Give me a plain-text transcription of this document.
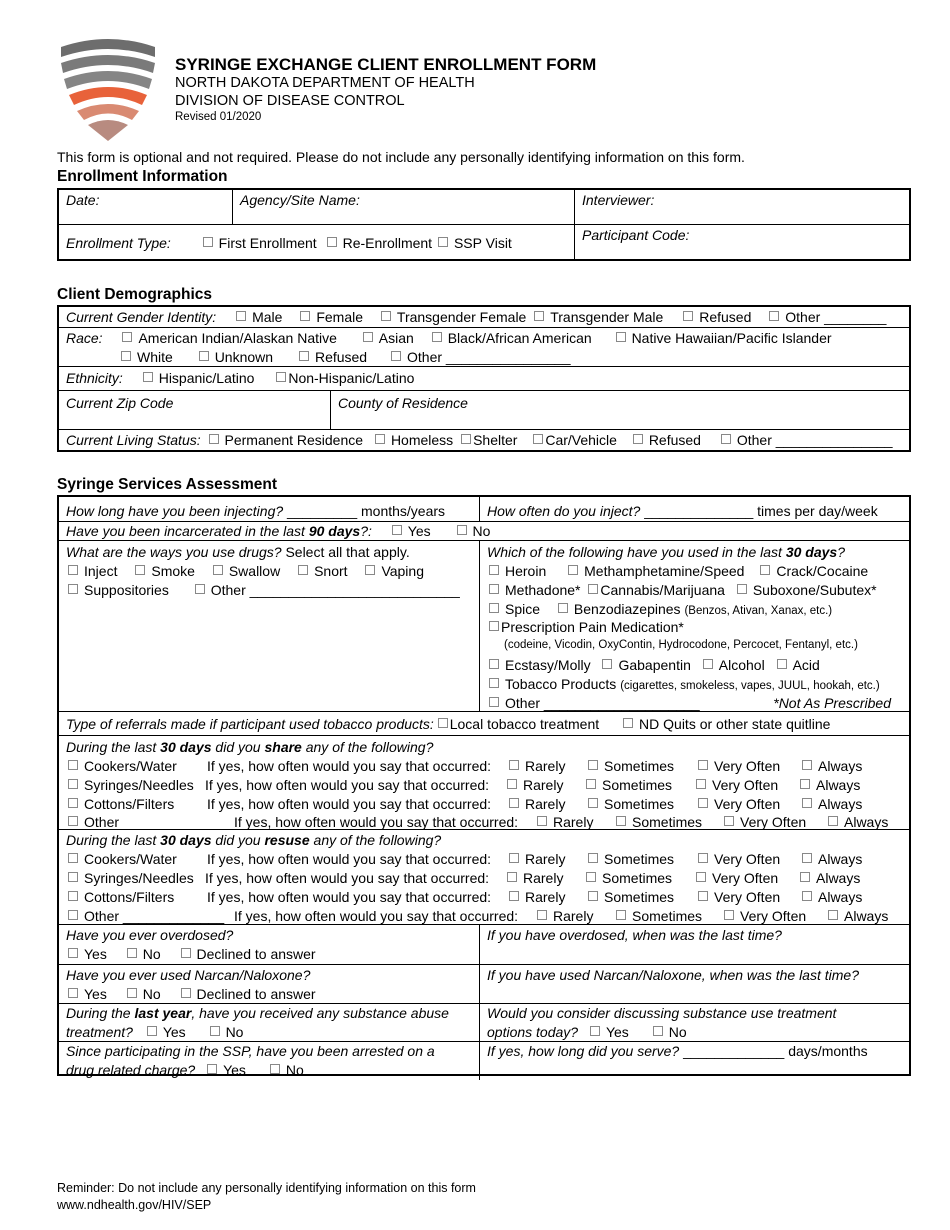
SYRINGE EXCHANGE CLIENT ENROLLMENT FORM
NORTH DAKOTA DEPARTMENT OF HEALTH
DIVISION OF DISEASE CONTROL
Revised 01/2020
This form is optional and not required. Please do not include any personally identifying information on this form.
Enrollment Information
Date:	Agency/Site Name:	Interviewer:
Enrollment Type:	First Enrollment Re-Enrollment SSP Visit	Participant Code:
Client Demographics
Current Gender Identity:	Male Female Transgender Female Transgender Male	Refused Other ________
Race:	American Indian/Alaskan Native	Asian Black/African American	Native Hawaiian/Pacific Islander
White	Unknown	Refused	Other ________________
Ethnicity:	Hispanic/Latino Non-Hispanic/Latino
Current Zip Code	County of Residence
Current Living Status: Permanent Residence Homeless Shelter Car/Vehicle Refused	Other _______________
Syringe Services Assessment
How long have you been injecting? _________ months/years	How often do you inject? ______________ times per day/week
Have you been incarcerated in the last 90 days?:	Yes	No
What are the ways you use drugs? Select all that apply.
Inject Smoke Swallow Snort Vaping
Suppositories	Other ___________________________
Which of the following have you used in the last 30 days?
Heroin	Methamphetamine/Speed Crack/Cocaine
Methadone* Cannabis/Marijuana Suboxone/Subutex*
Spice Benzodiazepines (Benzos, Ativan, Xanax, etc.)
Prescription Pain Medication*
(codeine, Vicodin, OxyContin, Hydrocodone, Percocet, Fentanyl, etc.)
Ecstasy/Molly Gabapentin Alcohol Acid
Tobacco Products (cigarettes, smokeless, vapes, JUUL, hookah, etc.)
Other ____________________	*Not As Prescribed
Type of referrals made if participant used tobacco products: Local tobacco treatment	ND Quits or other state quitline
During the last 30 days did you share any of the following?
Cookers/Water If yes, how often would you say that occurred:	Rarely	Sometimes	Very Often	Always
Syringes/Needles If yes, how often would you say that occurred:	Rarely	Sometimes	Very Often	Always
Cottons/Filters If yes, how often would you say that occurred:	Rarely	Sometimes	Very Often	Always
Other _____________ If yes, how often would you say that occurred:	Rarely	Sometimes	Very Often	Always
During the last 30 days did you resuse any of the following?
Cookers/Water If yes, how often would you say that occurred:	Rarely	Sometimes	Very Often	Always
Syringes/Needles If yes, how often would you say that occurred:	Rarely	Sometimes	Very Often	Always
Cottons/Filters If yes, how often would you say that occurred:	Rarely	Sometimes	Very Often	Always
Other _____________ If yes, how often would you say that occurred:	Rarely	Sometimes	Very Often	Always
Have you ever overdosed?
Yes	No	Declined to answer
If you have overdosed, when was the last time?
Have you ever used Narcan/Naloxone?
Yes	No	Declined to answer
If you have used Narcan/Naloxone, when was the last time?
During the last year, have you received any substance abuse
treatment? Yes	No
Would you consider discussing substance use treatment
options today? Yes	No
Since participating in the SSP, have you been arrested on a
drug related charge? Yes	No
If yes, how long did you serve? _____________ days/months
Reminder: Do not include any personally identifying information on this form
www.ndhealth.gov/HIV/SEP
